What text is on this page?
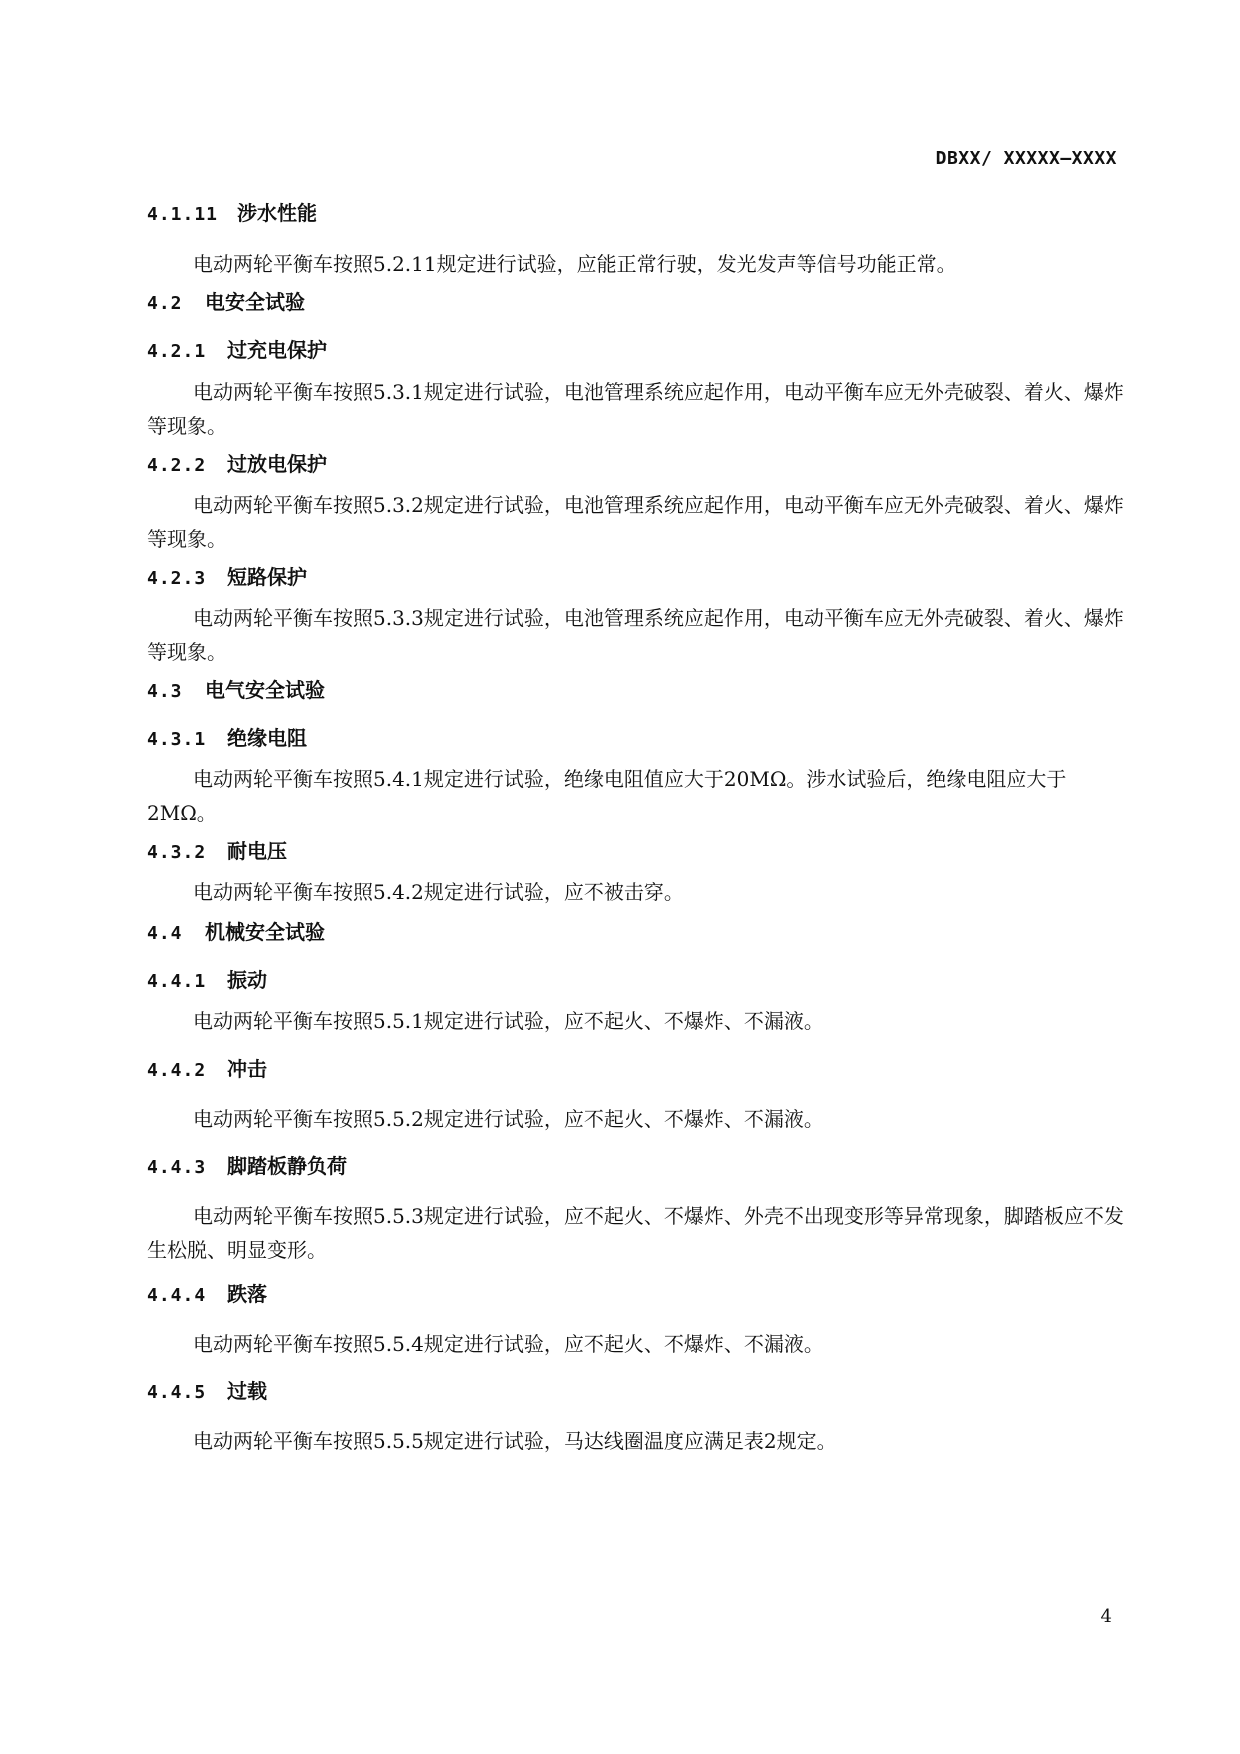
DBXX/ XXXXX—XXXX
4.1.11 涉水性能
电动两轮平衡车按照5.2.11规定进行试验，应能正常行驶，发光发声等信号功能正常。
4.2 电安全试验
4.2.1 过充电保护
电动两轮平衡车按照5.3.1规定进行试验，电池管理系统应起作用，电动平衡车应无外壳破裂、着火、爆炸等现象。
4.2.2 过放电保护
电动两轮平衡车按照5.3.2规定进行试验，电池管理系统应起作用，电动平衡车应无外壳破裂、着火、爆炸等现象。
4.2.3 短路保护
电动两轮平衡车按照5.3.3规定进行试验，电池管理系统应起作用，电动平衡车应无外壳破裂、着火、爆炸等现象。
4.3 电气安全试验
4.3.1 绝缘电阻
电动两轮平衡车按照5.4.1规定进行试验，绝缘电阻值应大于20MΩ。涉水试验后，绝缘电阻应大于2MΩ。
4.3.2 耐电压
电动两轮平衡车按照5.4.2规定进行试验，应不被击穿。
4.4 机械安全试验
4.4.1 振动
电动两轮平衡车按照5.5.1规定进行试验，应不起火、不爆炸、不漏液。
4.4.2 冲击
电动两轮平衡车按照5.5.2规定进行试验，应不起火、不爆炸、不漏液。
4.4.3 脚踏板静负荷
电动两轮平衡车按照5.5.3规定进行试验，应不起火、不爆炸、外壳不出现变形等异常现象，脚踏板应不发生松脱、明显变形。
4.4.4 跌落
电动两轮平衡车按照5.5.4规定进行试验，应不起火、不爆炸、不漏液。
4.4.5 过载
电动两轮平衡车按照5.5.5规定进行试验，马达线圈温度应满足表2规定。
4
